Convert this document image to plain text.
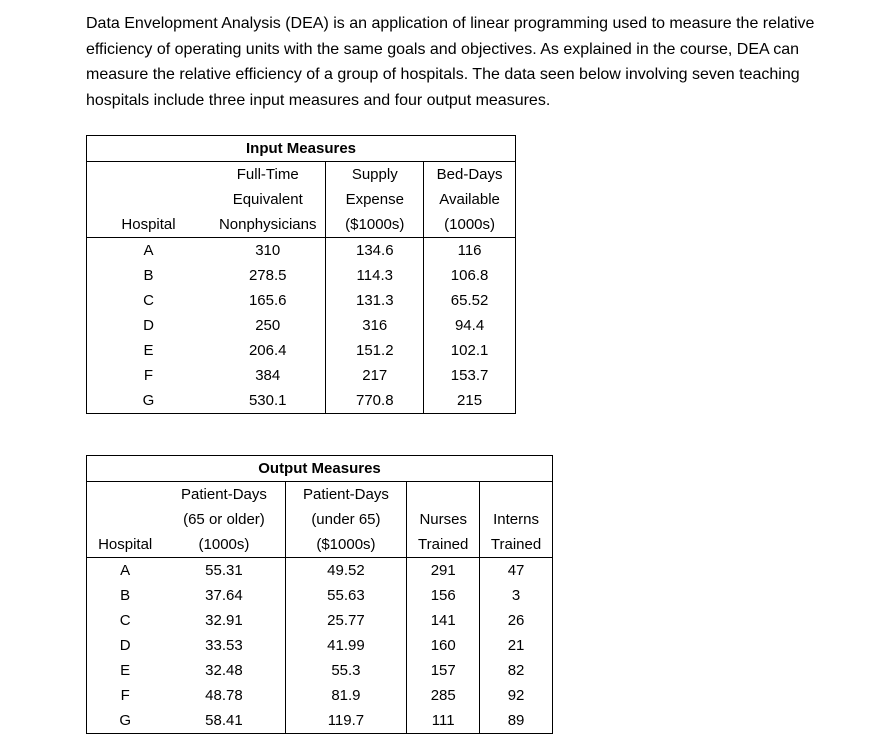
Data Envelopment Analysis (DEA) is an application of linear programming used to measure the relative
efficiency of operating units with the same goals and objectives. As explained in the course, DEA can
measure the relative efficiency of a group of hospitals. The data seen below involving seven teaching
hospitals include three input measures and four output measures.
Input Measures			
	Full-Time	Supply	Bed-Days
	Equivalent	Expense	Available
Hospital	Nonphysicians	($1000s)	(1000s)
A	310	134.6	116
B	278.5	114.3	106.8
C	165.6	131.3	65.52
D	250	316	94.4
E	206.4	151.2	102.1
F	384	217	153.7
G	530.1	770.8	215
Output Measures				
	Patient-Days	Patient-Days		
	(65 or older)	(under 65)	Nurses	Interns
Hospital	(1000s)	($1000s)	Trained	Trained
A	55.31	49.52	291	47
B	37.64	55.63	156	3
C	32.91	25.77	141	26
D	33.53	41.99	160	21
E	32.48	55.3	157	82
F	48.78	81.9	285	92
G	58.41	119.7	111	89
